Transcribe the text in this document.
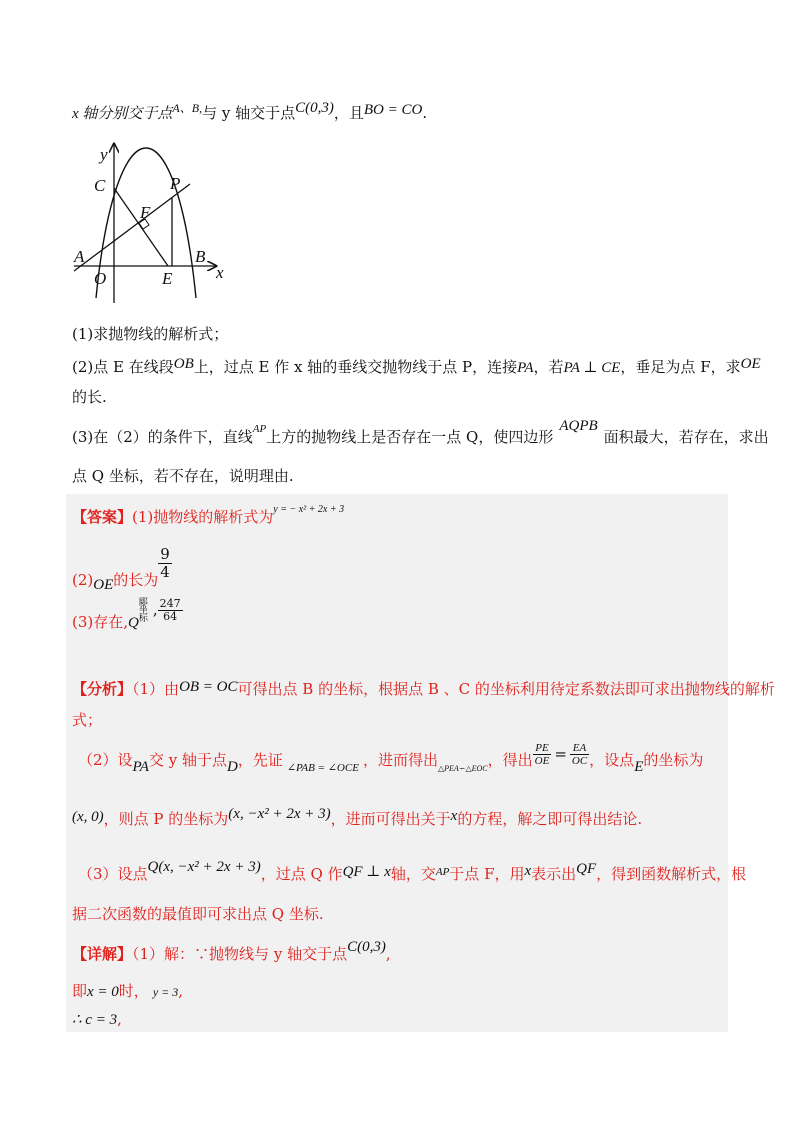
x 轴分别交于点$^{A、B,}$与 y 轴交于点C(0,3)，且BO = CO.
y
x
C	P
F
A
O	E
B
(1)求抛物线的解析式；
(2)点 E 在线段OB上，过点 E 作 x 轴的垂线交抛物线于点 P，连接PA，若PA ⊥ CE，垂足为点 F，求OE
的长.
(3)在（2）的条件下，直线$^{AP}$上方的抛物线上是否存在一点 Q，使四边形AQPB面积最大，若存在，求出
点 Q 坐标，若不存在，说明理由.
【答案】(1)抛物线的解析式为$^{y = - x^2 + 2x + 3}$
(2)OE的长为 $\frac{9}{4}$
(3)存在,Q郾坐标 , $\frac{247}{64}$
【分析】（1）由OB = OC可得出点 B 的坐标，根据点 B 、C 的坐标利用待定系数法即可求出抛物线的解析
式；
（2）设PA交 y 轴于点D，先证 $_{\angle PAB = \angle OCE}$ ，进而得出$_{\triangle PEA∽\triangle EOC}$，得出 $\frac{PE}{OE} = \frac{EA}{OC}$ ，设点E的坐标为
(x, 0)，则点 P 的坐标为(x, −x² + 2x + 3)，进而可得出关于x的方程，解之即可得出结论.
（3）设点Q(x, −x² + 2x + 3)，过点 Q 作QF ⊥ x轴，交$^{AP}$于点 F，用x表示出QF，得到函数解析式，根
据二次函数的最值即可求出点 Q 坐标.
【详解】（1）解：∵抛物线与 y 轴交于点C(0,3),
即x = 0时， y = 3,
∴ c = 3,
